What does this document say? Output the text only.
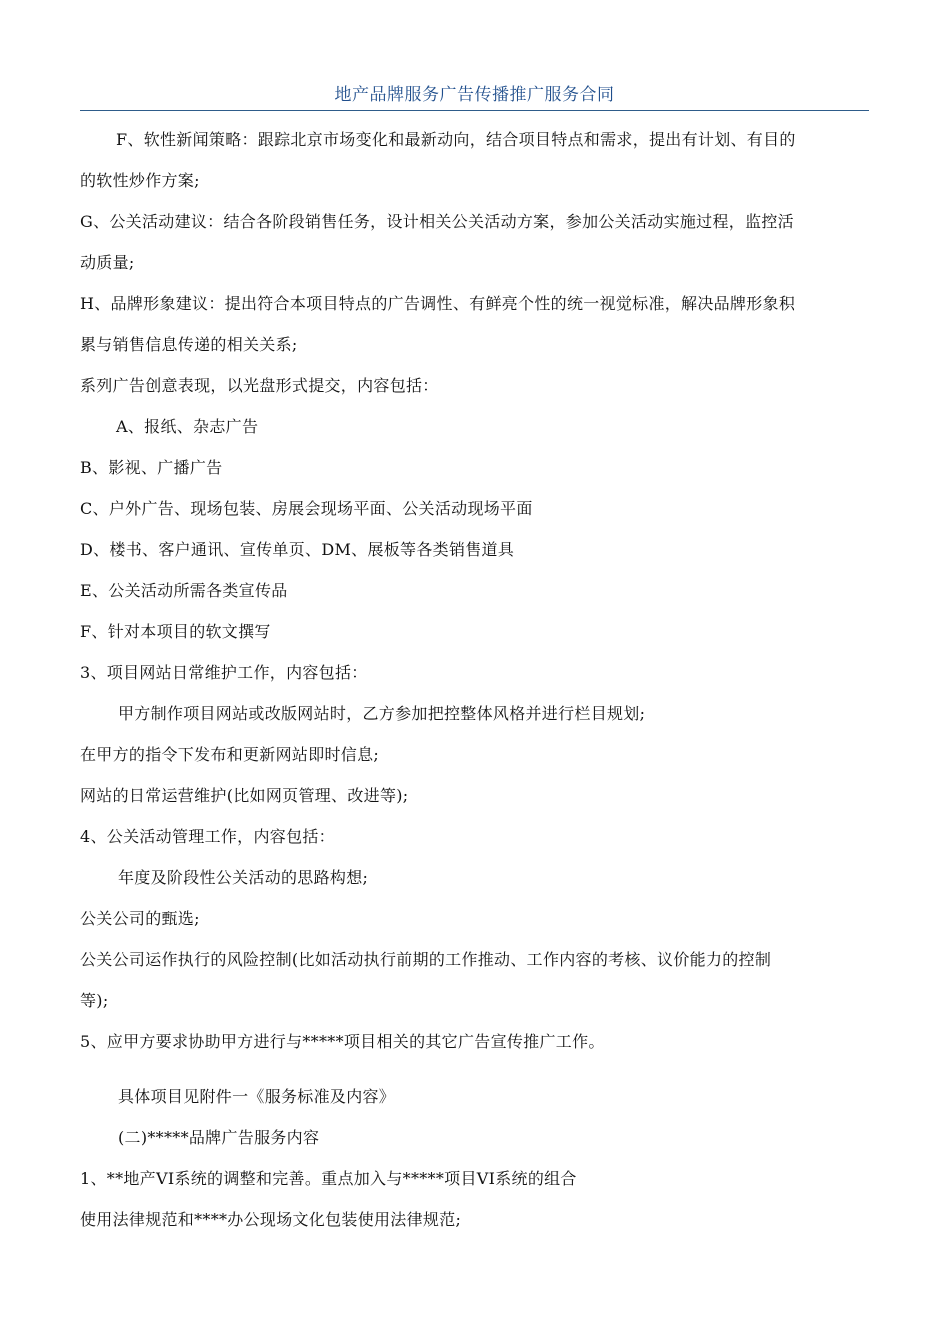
地产品牌服务广告传播推广服务合同
F、软性新闻策略：跟踪北京市场变化和最新动向，结合项目特点和需求，提出有计划、有目的
的软性炒作方案;
G、公关活动建议：结合各阶段销售任务，设计相关公关活动方案，参加公关活动实施过程，监控活
动质量;
H、品牌形象建议：提出符合本项目特点的广告调性、有鲜亮个性的统一视觉标准，解决品牌形象积
累与销售信息传递的相关关系;
系列广告创意表现，以光盘形式提交，内容包括：
A、报纸、杂志广告
B、影视、广播广告
C、户外广告、现场包装、房展会现场平面、公关活动现场平面
D、楼书、客户通讯、宣传单页、DM、展板等各类销售道具
E、公关活动所需各类宣传品
F、针对本项目的软文撰写
3、项目网站日常维护工作，内容包括：
甲方制作项目网站或改版网站时，乙方参加把控整体风格并进行栏目规划;
在甲方的指令下发布和更新网站即时信息;
网站的日常运营维护(比如网页管理、改进等);
4、公关活动管理工作，内容包括：
年度及阶段性公关活动的思路构想;
公关公司的甄选;
公关公司运作执行的风险控制(比如活动执行前期的工作推动、工作内容的考核、议价能力的控制
等);
5、应甲方要求协助甲方进行与*****项目相关的其它广告宣传推广工作。
具体项目见附件一《服务标准及内容》
(二)*****品牌广告服务内容
1、**地产VI系统的调整和完善。重点加入与*****项目VI系统的组合
使用法律规范和****办公现场文化包装使用法律规范;
